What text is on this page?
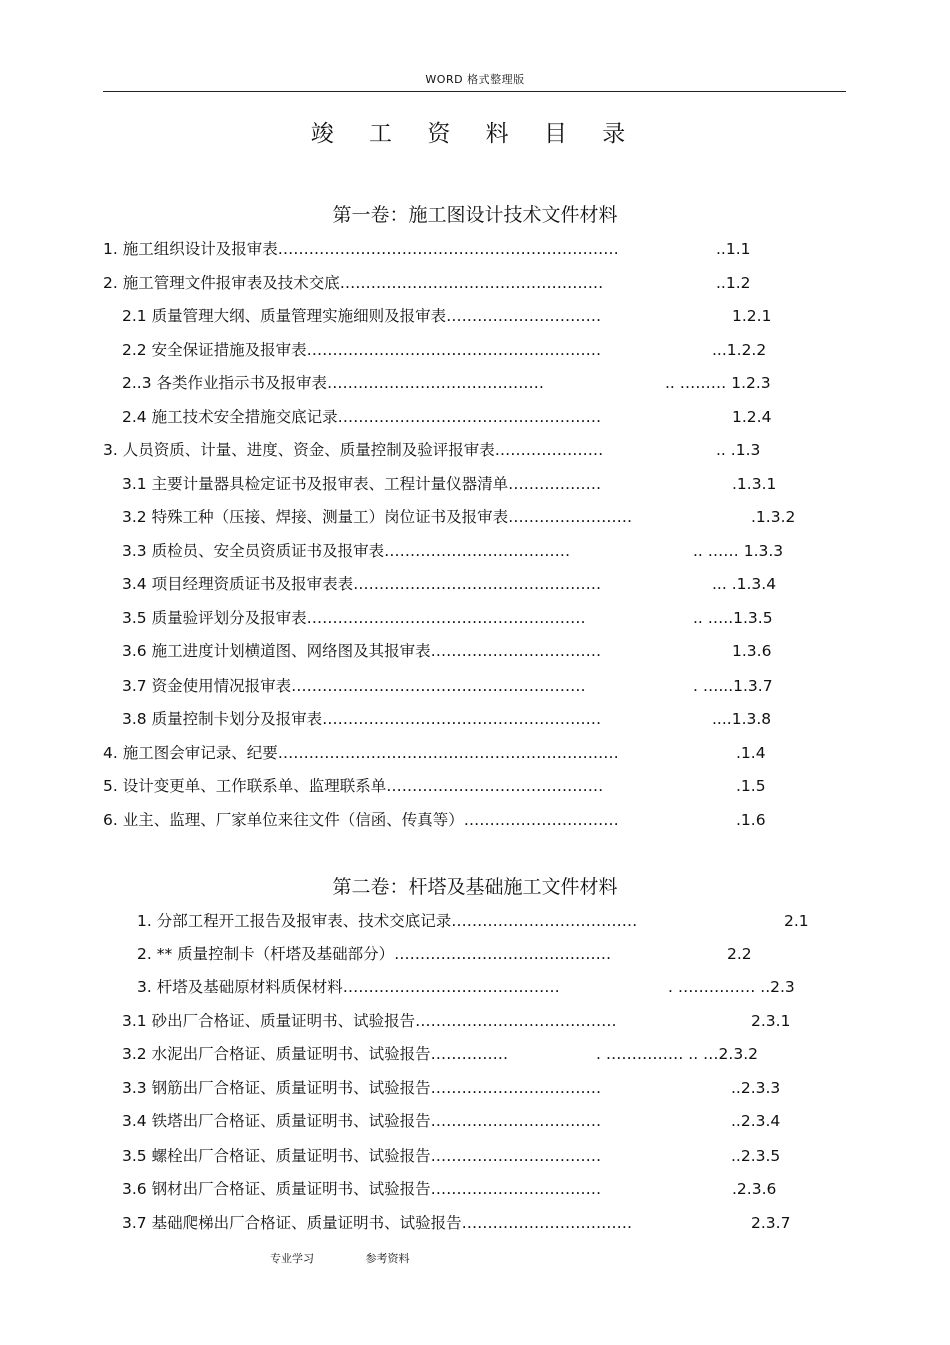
WORD 格式整理版
竣 工 资 料 目 录
第一卷：施工图设计技术文件材料
第二卷：杆塔及基础施工文件材料
1. 施工组织设计及报审表…………………………………………………………	..1.1
2. 施工管理文件报审表及技术交底……………………………………………	..1.2
2.1 质量管理大纲、质量管理实施细则及报审表…………………………	1.2.1
2.2 安全保证措施及报审表…………………………………………………	...1.2.2
2..3 各类作业指示书及报审表……………………………………	.. ……… 1.2.3
2.4 施工技术安全措施交底记录……………………………………………	1.2.4
3. 人员资质、计量、进度、资金、质量控制及验评报审表…………………	.. .1.3
3.1 主要计量器具检定证书及报审表、工程计量仪器清单………………	.1.3.1
3.2 特殊工种（压接、焊接、测量工）岗位证书及报审表……………………	.1.3.2
3.3 质检员、安全员资质证书及报审表………………………………	.. …… 1.3.3
3.4 项目经理资质证书及报审表表…………………………………………	... .1.3.4
3.5 质量验评划分及报审表………………………………………………	.. …..1.3.5
3.6 施工进度计划横道图、网络图及其报审表……………………………	1.3.6
3.7 资金使用情况报审表…………………………………………………	. …...1.3.7
3.8 质量控制卡划分及报审表………………………………………………	....1.3.8
4. 施工图会审记录、纪要…………………………………………………………	.1.4
5. 设计变更单、工作联系单、监理联系单……………………………………	.1.5
6. 业主、监理、厂家单位来往文件（信函、传真等）…………………………	.1.6
1. 分部工程开工报告及报审表、技术交底记录………………………………	2.1
2. ** 质量控制卡（杆塔及基础部分）……………………………………	2.2
3. 杆塔及基础原材料质保材料……………………………………	. …………… ..2.3
3.1 砂出厂合格证、质量证明书、试验报告…………………………………	2.3.1
3.2 水泥出厂合格证、质量证明书、试验报告……………	. …………… .. …2.3.2
3.3 钢筋出厂合格证、质量证明书、试验报告……………………………	..2.3.3
3.4 铁塔出厂合格证、质量证明书、试验报告……………………………	..2.3.4
3.5 螺栓出厂合格证、质量证明书、试验报告……………………………	..2.3.5
3.6 钢材出厂合格证、质量证明书、试验报告……………………………	.2.3.6
3.7 基础爬梯出厂合格证、质量证明书、试验报告……………………………	2.3.7
专业学习	参考资料
